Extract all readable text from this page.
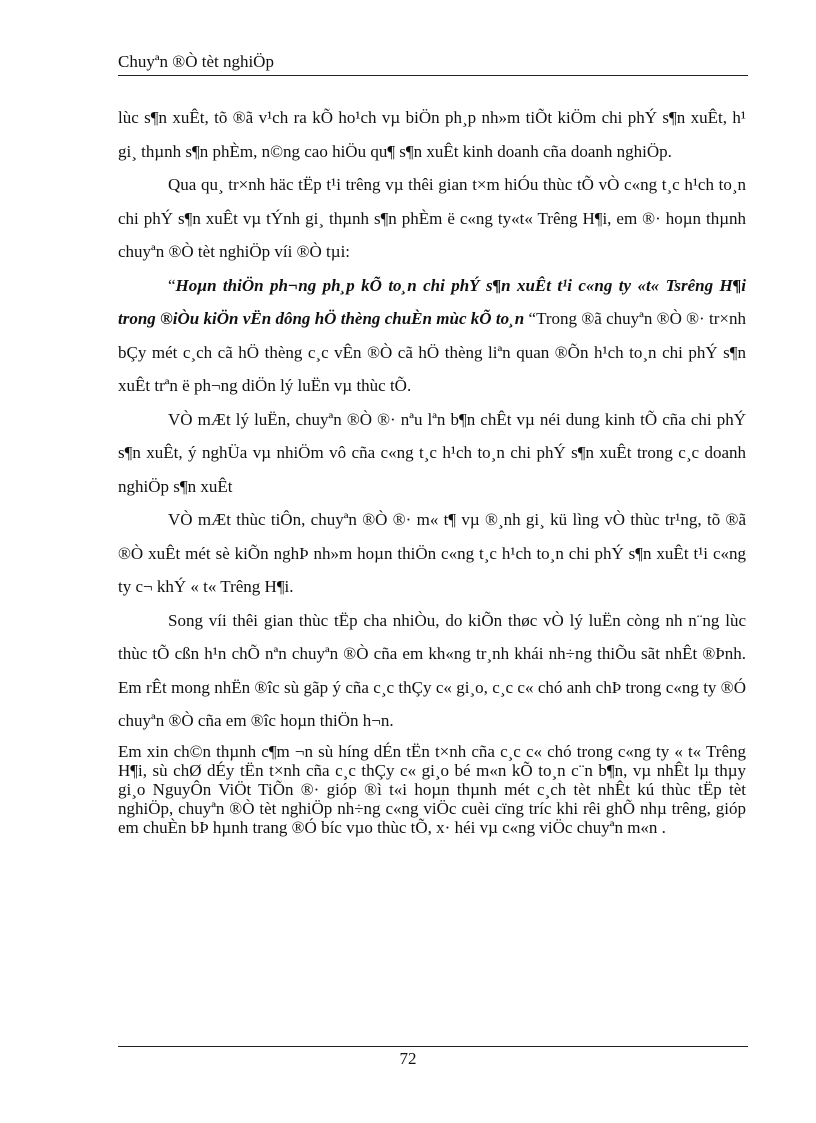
Chuyªn ®Ò tèt nghiÖp

lùc s¶n xuÊt, tõ ®ã v¹ch ra kÕ ho¹ch vµ biÖn ph¸p nh»m tiÕt kiÖm chi phÝ s¶n xuÊt, h¹ gi¸ thµnh s¶n phÈm, n©ng cao hiÖu qu¶ s¶n xuÊt kinh doanh cña doanh nghiÖp.

Qua qu¸ tr×nh häc tËp t¹i trêng vµ thêi gian t×m hiÓu thùc tÕ vÒ c«ng t¸c h¹ch to¸n chi phÝ s¶n xuÊt vµ tÝnh gi¸ thµnh s¶n phÈm ë c«ng ty«t« Trêng H¶i, em ®· hoµn thµnh chuyªn ®Ò tèt nghiÖp víi ®Ò tµi:

“Hoµn thiÖn ph¬ng ph¸p kÕ to¸n chi phÝ s¶n xuÊt t¹i c«ng ty «t« Tsrêng H¶i trong ®iÒu kiÖn vËn dông hÖ thèng chuÈn mùc kÕ to¸n “Trong ®ã chuyªn ®Ò ®· tr×nh bÇy mét c¸ch cã hÖ thèng c¸c vÊn ®Ò cã hÖ thèng liªn quan ®Õn h¹ch to¸n chi phÝ s¶n xuÊt trªn ë ph¬ng diÖn lý luËn vµ thùc tÕ.

VÒ mÆt lý luËn, chuyªn ®Ò ®· nªu lªn b¶n chÊt vµ néi dung kinh tÕ cña chi phÝ s¶n xuÊt, ý nghÜa vµ nhiÖm vô cña c«ng t¸c h¹ch to¸n chi phÝ s¶n xuÊt trong c¸c doanh nghiÖp s¶n xuÊt

VÒ mÆt thùc tiÔn, chuyªn ®Ò ®· m« t¶ vµ ®¸nh gi¸ kü lìng vÒ thùc tr¹ng, tõ ®ã ®Ò xuÊt mét sè kiÕn nghÞ nh»m hoµn thiÖn c«ng t¸c h¹ch to¸n chi phÝ s¶n xuÊt t¹i c«ng ty c¬ khÝ « t« Trêng H¶i.

Song víi thêi gian thùc tËp cha nhiÒu, do kiÕn thøc vÒ lý luËn còng nh n¨ng lùc thùc tÕ cßn h¹n chÕ nªn chuyªn ®Ò cña em kh«ng tr¸nh khái nh÷ng thiÕu sãt nhÊt ®Þnh. Em rÊt mong nhËn ®îc sù gãp ý cña c¸c thÇy c« gi¸o, c¸c c« chó anh chÞ trong c«ng ty ®Ó chuyªn ®Ò cña em ®îc hoµn thiÖn h¬n.

Em xin ch©n thµnh c¶m ¬n sù híng dÉn tËn t×nh cña c¸c c« chó trong c«ng ty « t« Trêng H¶i, sù chØ dÉy tËn t×nh cña c¸c thÇy c« gi¸o bé m«n kÕ to¸n c¨n b¶n, vµ nhÊt lµ thµy gi¸o NguyÔn ViÖt TiÕn ®· gióp ®ì t«i hoµn thµnh mét c¸ch tèt nhÊt kú thùc tËp tèt nghiÖp, chuyªn ®Ò tèt nghiÖp nh÷ng c«ng viÖc cuèi cïng tríc khi rêi ghÕ nhµ trêng, gióp em chuÈn bÞ hµnh trang ®Ó bíc vµo thùc tÕ, x· héi vµ c«ng viÖc chuyªn m«n .

72
